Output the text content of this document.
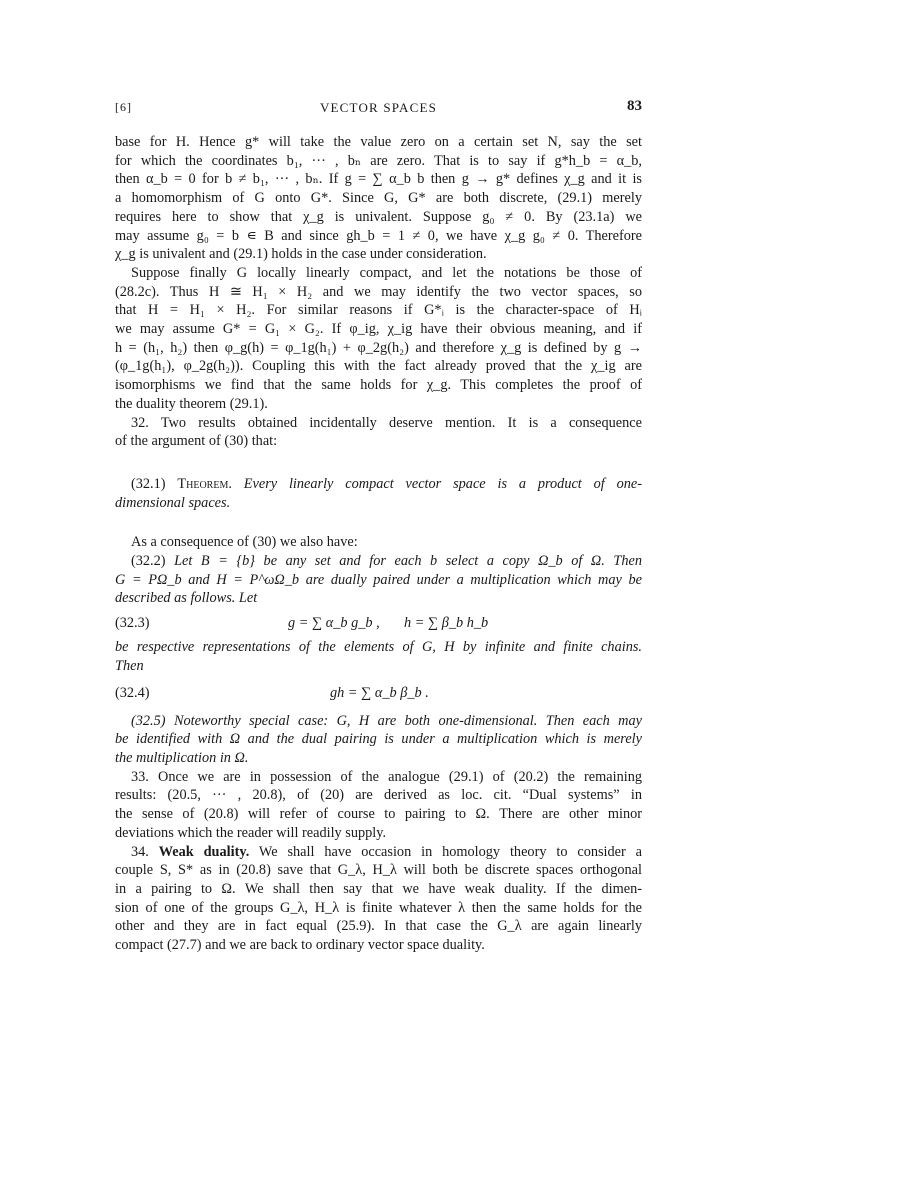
[6]	VECTOR SPACES	83

base for H. Hence g* will take the value zero on a certain set N, say the set
for which the coordinates b₁, ··· , bₙ are zero. That is to say if g*h_b = α_b,
then α_b = 0 for b ≠ b₁, ··· , bₙ. If g = ∑ α_b b then g → g* defines χ_g and it is
a homomorphism of G onto G*. Since G, G* are both discrete, (29.1) merely
requires here to show that χ_g is univalent. Suppose g₀ ≠ 0. By (23.1a) we
may assume g₀ = b ∊ B and since gh_b = 1 ≠ 0, we have χ_g g₀ ≠ 0. Therefore
χ_g is univalent and (29.1) holds in the case under consideration.

Suppose finally G locally linearly compact, and let the notations be those of
(28.2c). Thus H ≅ H₁ × H₂ and we may identify the two vector spaces, so
that H = H₁ × H₂. For similar reasons if G*ᵢ is the character-space of Hᵢ
we may assume G* = G₁ × G₂. If φ_ig, χ_ig have their obvious meaning, and if
h = (h₁, h₂) then φ_g(h) = φ_1g(h₁) + φ_2g(h₂) and therefore χ_g is defined by g →
(φ_1g(h₁), φ_2g(h₂)). Coupling this with the fact already proved that the χ_ig are
isomorphisms we find that the same holds for χ_g. This completes the proof of
the duality theorem (29.1).

32. Two results obtained incidentally deserve mention. It is a consequence
of the argument of (30) that:

(32.1) Theorem. Every linearly compact vector space is a product of one-
dimensional spaces.

As a consequence of (30) we also have:

(32.2) Let B = {b} be any set and for each b select a copy Ω_b of Ω. Then
G = PΩ_b and H = P^ωΩ_b are dually paired under a multiplication which may be
described as follows. Let

(32.3)	g = ∑ α_b g_b , h = ∑ β_b h_b

be respective representations of the elements of G, H by infinite and finite chains.
Then

(32.4)	gh = ∑ α_b β_b .

(32.5) Noteworthy special case: G, H are both one-dimensional. Then each may
be identified with Ω and the dual pairing is under a multiplication which is merely
the multiplication in Ω.

33. Once we are in possession of the analogue (29.1) of (20.2) the remaining
results: (20.5, ··· , 20.8), of (20) are derived as loc. cit. “Dual systems” in
the sense of (20.8) will refer of course to pairing to Ω. There are other minor
deviations which the reader will readily supply.

34. Weak duality. We shall have occasion in homology theory to consider a
couple S, S* as in (20.8) save that G_λ, H_λ will both be discrete spaces orthogonal
in a pairing to Ω. We shall then say that we have weak duality. If the dimen-
sion of one of the groups G_λ, H_λ is finite whatever λ then the same holds for the
other and they are in fact equal (25.9). In that case the G_λ are again linearly
compact (27.7) and we are back to ordinary vector space duality.
